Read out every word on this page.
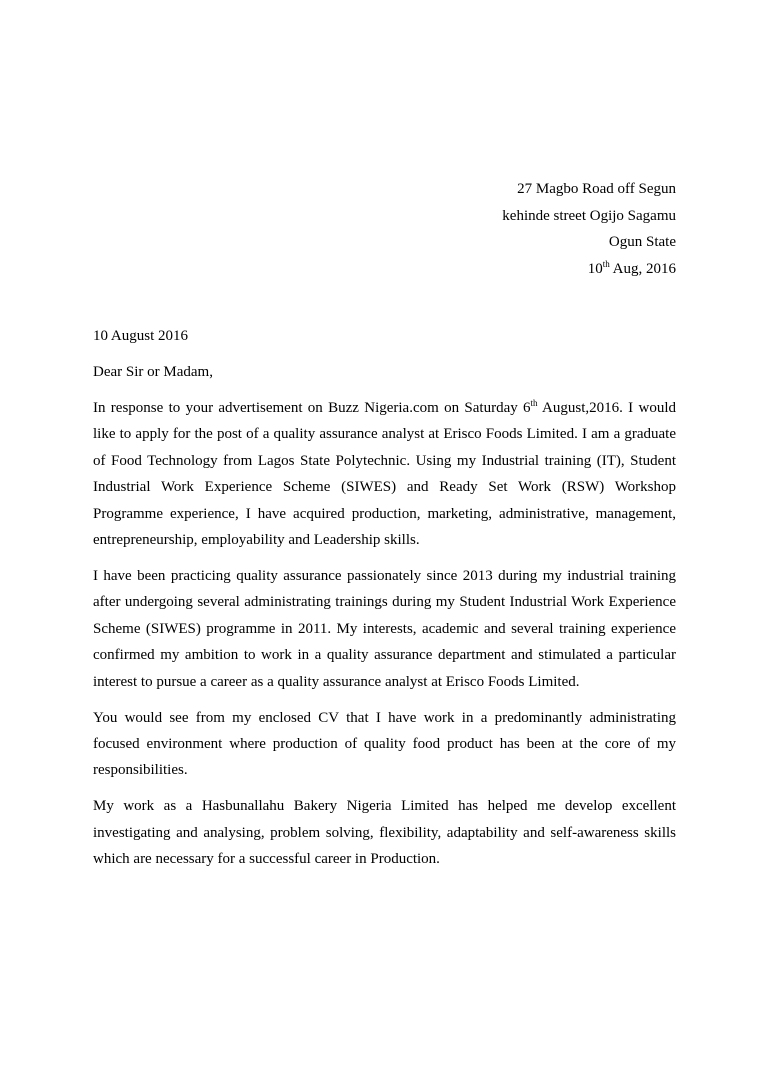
27 Magbo Road off Segun
kehinde street Ogijo Sagamu
Ogun State
10th Aug, 2016

10 August 2016

Dear Sir or Madam,

In response to your advertisement on Buzz Nigeria.com on Saturday 6th August,2016. I would like to apply for the post of a quality assurance analyst at Erisco Foods Limited. I am a graduate of Food Technology from Lagos State Polytechnic. Using my Industrial training (IT), Student Industrial Work Experience Scheme (SIWES) and Ready Set Work (RSW) Workshop Programme experience, I have acquired production, marketing, administrative, management, entrepreneurship, employability and Leadership skills.

I have been practicing quality assurance passionately since 2013 during my industrial training after undergoing several administrating trainings during my Student Industrial Work Experience Scheme (SIWES) programme in 2011. My interests, academic and several training experience confirmed my ambition to work in a quality assurance department and stimulated a particular interest to pursue a career as a quality assurance analyst at Erisco Foods Limited.

You would see from my enclosed CV that I have work in a predominantly administrating focused environment where production of quality food product has been at the core of my responsibilities.

My work as a Hasbunallahu Bakery Nigeria Limited has helped me develop excellent investigating and analysing, problem solving, flexibility, adaptability and self-awareness skills which are necessary for a successful career in Production.
